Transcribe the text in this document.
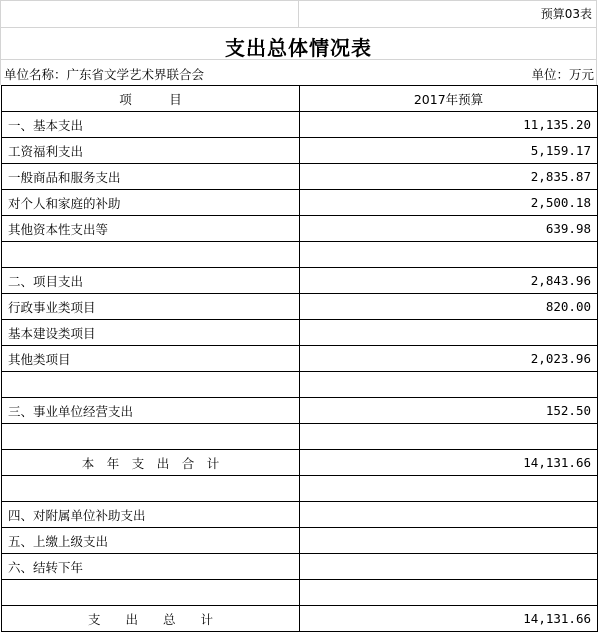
预算03表
支出总体情况表
单位名称：广东省文学艺术界联合会	单位：万元
项　　　目	2017年预算
一、基本支出	11,135.20
工资福利支出	5,159.17
一般商品和服务支出	2,835.87
对个人和家庭的补助	2,500.18
其他资本性支出等	639.98

二、项目支出	2,843.96
行政事业类项目	820.00
基本建设类项目	
其他类项目	2,023.96

三、事业单位经营支出	152.50

本　年　支　出　合　计	14,131.66

四、对附属单位补助支出	
五、上缴上级支出	
六、结转下年	

支　　出　　总　　计	14,131.66
